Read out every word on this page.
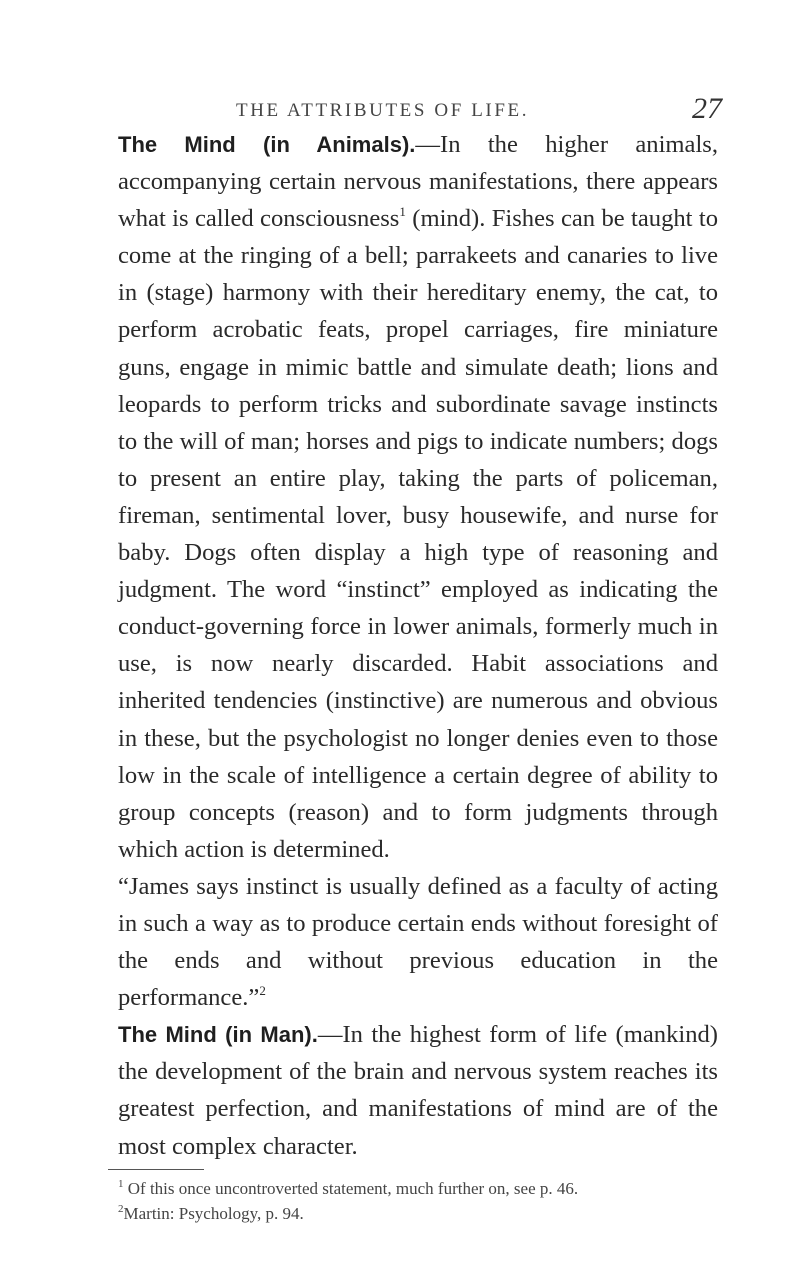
THE ATTRIBUTES OF LIFE.	27

The Mind (in Animals).—In the higher animals, accompanying certain nervous manifestations, there appears what is called consciousness$^1$ (mind). Fishes can be taught to come at the ringing of a bell; parrakeets and canaries to live in (stage) harmony with their hereditary enemy, the cat, to perform acrobatic feats, propel carriages, fire miniature guns, engage in mimic battle and simulate death; lions and leopards to perform tricks and subordinate savage instincts to the will of man; horses and pigs to indicate numbers; dogs to present an entire play, taking the parts of policeman, fireman, sentimental lover, busy housewife, and nurse for baby. Dogs often display a high type of reasoning and judgment. The word “instinct” employed as indicating the conduct-governing force in lower animals, formerly much in use, is now nearly discarded. Habit associations and inherited tendencies (instinctive) are numerous and obvious in these, but the psychologist no longer denies even to those low in the scale of intelligence a certain degree of ability to group concepts (reason) and to form judgments through which action is determined.

“James says instinct is usually defined as a faculty of acting in such a way as to produce certain ends without foresight of the ends and without previous education in the performance.”$^2$

The Mind (in Man).—In the highest form of life (mankind) the development of the brain and nervous system reaches its greatest perfection, and manifestations of mind are of the most complex character.

$^1$ Of this once uncontroverted statement, much further on, see p. 46.
$^2$Martin: Psychology, p. 94.
